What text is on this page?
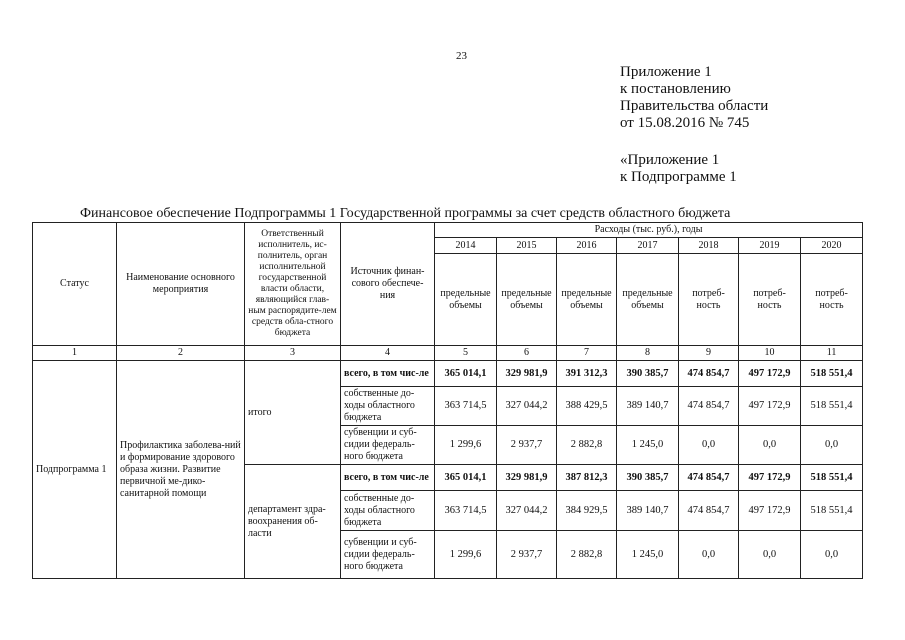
23
Приложение 1
к постановлению
Правительства области
от 15.08.2016 № 745
«Приложение 1
к Подпрограмме 1
Финансовое обеспечение Подпрограммы 1 Государственной программы за счет средств областного бюджета
Статус	Наименование основного мероприятия	Ответственный исполнитель, ис-полнитель, орган исполнительной государственной власти области, являющийся глав-ным распорядите-лем средств обла-стного бюджета	Источник финан-сового обеспече-ния	Расходы (тыс. руб.), годы						
				2014	2015	2016	2017	2018	2019	2020
				предельные объемы	предельные объемы	предельные объемы	предельные объемы	потреб-ность	потреб-ность	потреб-ность
1	2	3	4	5	6	7	8	9	10	11
Подпрограмма 1	Профилактика заболева-ний и формирование здорового образа жизни. Развитие первичной ме-дико-санитарной помощи	итого	всего, в том чис-ле	365 014,1	329 981,9	391 312,3	390 385,7	474 854,7	497 172,9	518 551,4
			собственные до-ходы областного бюджета	363 714,5	327 044,2	388 429,5	389 140,7	474 854,7	497 172,9	518 551,4
			субвенции и суб-сидии федераль-ного бюджета	1 299,6	2 937,7	2 882,8	1 245,0	0,0	0,0	0,0
		департамент здра-воохранения об-ласти	всего, в том чис-ле	365 014,1	329 981,9	387 812,3	390 385,7	474 854,7	497 172,9	518 551,4
			собственные до-ходы областного бюджета	363 714,5	327 044,2	384 929,5	389 140,7	474 854,7	497 172,9	518 551,4
			субвенции и суб-сидии федераль-ного бюджета	1 299,6	2 937,7	2 882,8	1 245,0	0,0	0,0	0,0
